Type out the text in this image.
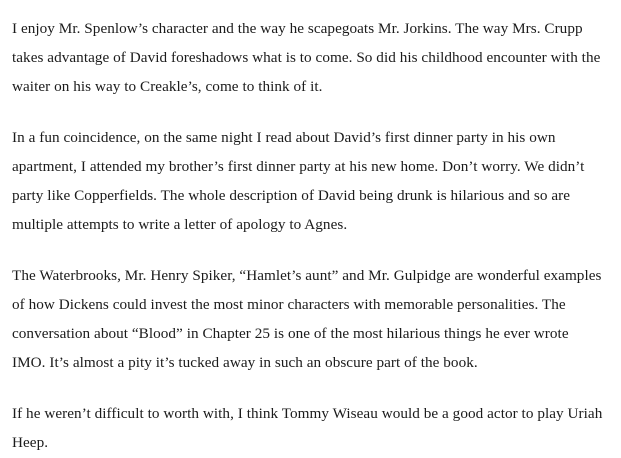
I enjoy Mr. Spenlow’s character and the way he scapegoats Mr. Jorkins. The way Mrs. Crupp takes advantage of David foreshadows what is to come. So did his childhood encounter with the waiter on his way to Creakle’s, come to think of it.

In a fun coincidence, on the same night I read about David’s first dinner party in his own apartment, I attended my brother’s first dinner party at his new home. Don’t worry. We didn’t party like Copperfields. The whole description of David being drunk is hilarious and so are multiple attempts to write a letter of apology to Agnes.

The Waterbrooks, Mr. Henry Spiker, “Hamlet’s aunt” and Mr. Gulpidge are wonderful examples of how Dickens could invest the most minor characters with memorable personalities. The conversation about “Blood” in Chapter 25 is one of the most hilarious things he ever wrote IMO. It’s almost a pity it’s tucked away in such an obscure part of the book.

If he weren’t difficult to worth with, I think Tommy Wiseau would be a good actor to play Uriah Heep.
